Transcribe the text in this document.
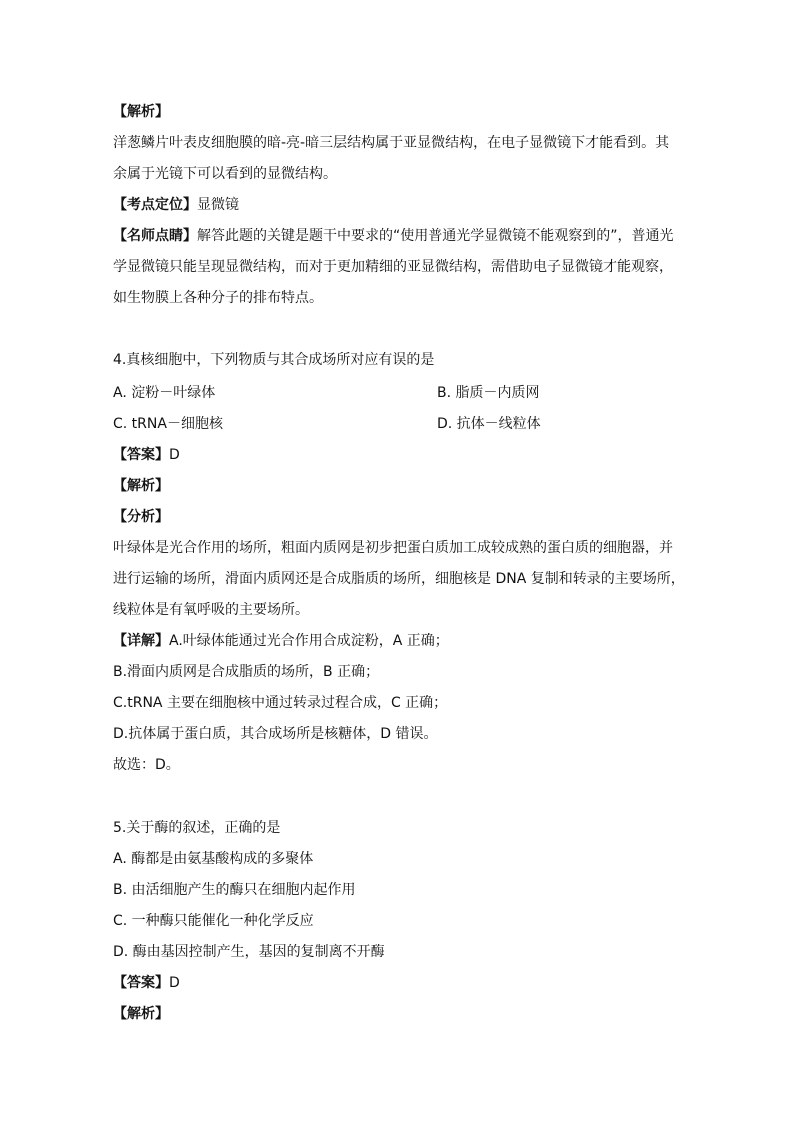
【解析】
洋葱鳞片叶表皮细胞膜的暗-亮-暗三层结构属于亚显微结构，在电子显微镜下才能看到。其
余属于光镜下可以看到的显微结构。
【考点定位】显微镜
【名师点睛】解答此题的关键是题干中要求的“使用普通光学显微镜不能观察到的”，普通光
学显微镜只能呈现显微结构，而对于更加精细的亚显微结构，需借助电子显微镜才能观察，
如生物膜上各种分子的排布特点。
4.真核细胞中，下列物质与其合成场所对应有误的是
A. 淀粉－叶绿体	B. 脂质－内质网
C. tRNA－细胞核	D. 抗体－线粒体
【答案】D
【解析】
【分析】
叶绿体是光合作用的场所，粗面内质网是初步把蛋白质加工成较成熟的蛋白质的细胞器，并
进行运输的场所，滑面内质网还是合成脂质的场所，细胞核是 DNA 复制和转录的主要场所，
线粒体是有氧呼吸的主要场所。
【详解】A.叶绿体能通过光合作用合成淀粉，A 正确；
B.滑面内质网是合成脂质的场所，B 正确；
C.tRNA 主要在细胞核中通过转录过程合成，C 正确；
D.抗体属于蛋白质，其合成场所是核糖体，D 错误。
故选：D。
5.关于酶的叙述，正确的是
A. 酶都是由氨基酸构成的多聚体
B. 由活细胞产生的酶只在细胞内起作用
C. 一种酶只能催化一种化学反应
D. 酶由基因控制产生，基因的复制离不开酶
【答案】D
【解析】
